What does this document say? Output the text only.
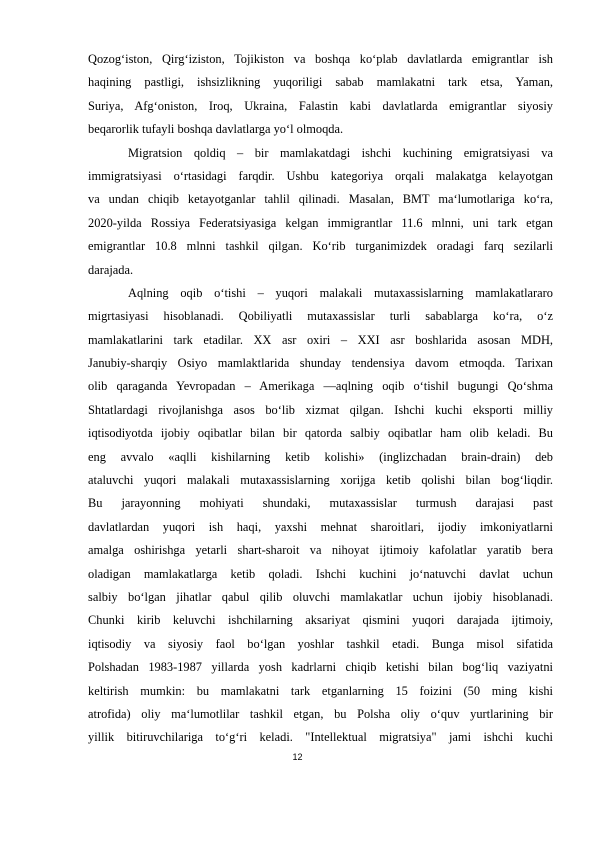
Qozogʻiston, Qirgʻiziston, Tojikiston va boshqa koʻplab davlatlarda emigrantlar ish
haqining pastligi, ishsizlikning yuqoriligi sabab mamlakatni tark etsa, Yaman,
Suriya, Afgʻoniston, Iroq, Ukraina, Falastin kabi davlatlarda emigrantlar siyosiy
beqarorlik tufayli boshqa davlatlarga yoʻl olmoqda.
Migratsion qoldiq – bir mamlakatdagi ishchi kuchining emigratsiyasi va
immigratsiyasi oʻrtasidagi farqdir. Ushbu kategoriya orqali malakatga kelayotgan
va undan chiqib ketayotganlar tahlil qilinadi. Masalan, BMT ma‘lumotlariga koʻra,
2020-yilda Rossiya Federatsiyasiga kelgan immigrantlar 11.6 mlnni, uni tark etgan
emigrantlar 10.8 mlnni tashkil qilgan. Koʻrib turganimizdek oradagi farq sezilarli
darajada.
Aqlning oqib oʻtishi – yuqori malakali mutaxassislarning mamlakatlararo
migrtasiyasi hisoblanadi. Qobiliyatli mutaxassislar turli sabablarga koʻra, oʻz
mamlakatlarini tark etadilar. XX asr oxiri – XXI asr boshlarida asosan MDH,
Janubiy-sharqiy Osiyo mamlaktlarida shunday tendensiya davom etmoqda. Tarixan
olib qaraganda Yevropadan – Amerikaga —aqlning oqib oʻtishi‖ bugungi Qoʻshma
Shtatlardagi rivojlanishga asos boʻlib xizmat qilgan. Ishchi kuchi eksporti milliy
iqtisodiyotda ijobiy oqibatlar bilan bir qatorda salbiy oqibatlar ham olib keladi. Bu
eng avvalo «aqlli kishilarning ketib kolishi» (inglizchadan brain-drain) deb
ataluvchi yuqori malakali mutaxassislarning xorijga ketib qolishi bilan bogʻliqdir.
Bu jarayonning mohiyati shundaki, mutaxassislar turmush darajasi past
davlatlardan yuqori ish haqi, yaxshi mehnat sharoitlari, ijodiy imkoniyatlarni
amalga oshirishga yetarli shart-sharoit va nihoyat ijtimoiy kafolatlar yaratib bera
oladigan mamlakatlarga ketib qoladi. Ishchi kuchini joʻnatuvchi davlat uchun
salbiy boʻlgan jihatlar qabul qilib oluvchi mamlakatlar uchun ijobiy hisoblanadi.
Chunki kirib keluvchi ishchilarning aksariyat qismini yuqori darajada ijtimoiy,
iqtisodiy va siyosiy faol boʻlgan yoshlar tashkil etadi. Bunga misol sifatida
Polshadan 1983-1987 yillarda yosh kadrlarni chiqib ketishi bilan bogʻliq vaziyatni
keltirish mumkin: bu mamlakatni tark etganlarning 15 foizini (50 ming kishi
atrofida) oliy ma‘lumotlilar tashkil etgan, bu Polsha oliy oʻquv yurtlarining bir
yillik bitiruvchilariga toʻgʻri keladi. "Intellektual migratsiya" jami ishchi kuchi
12
